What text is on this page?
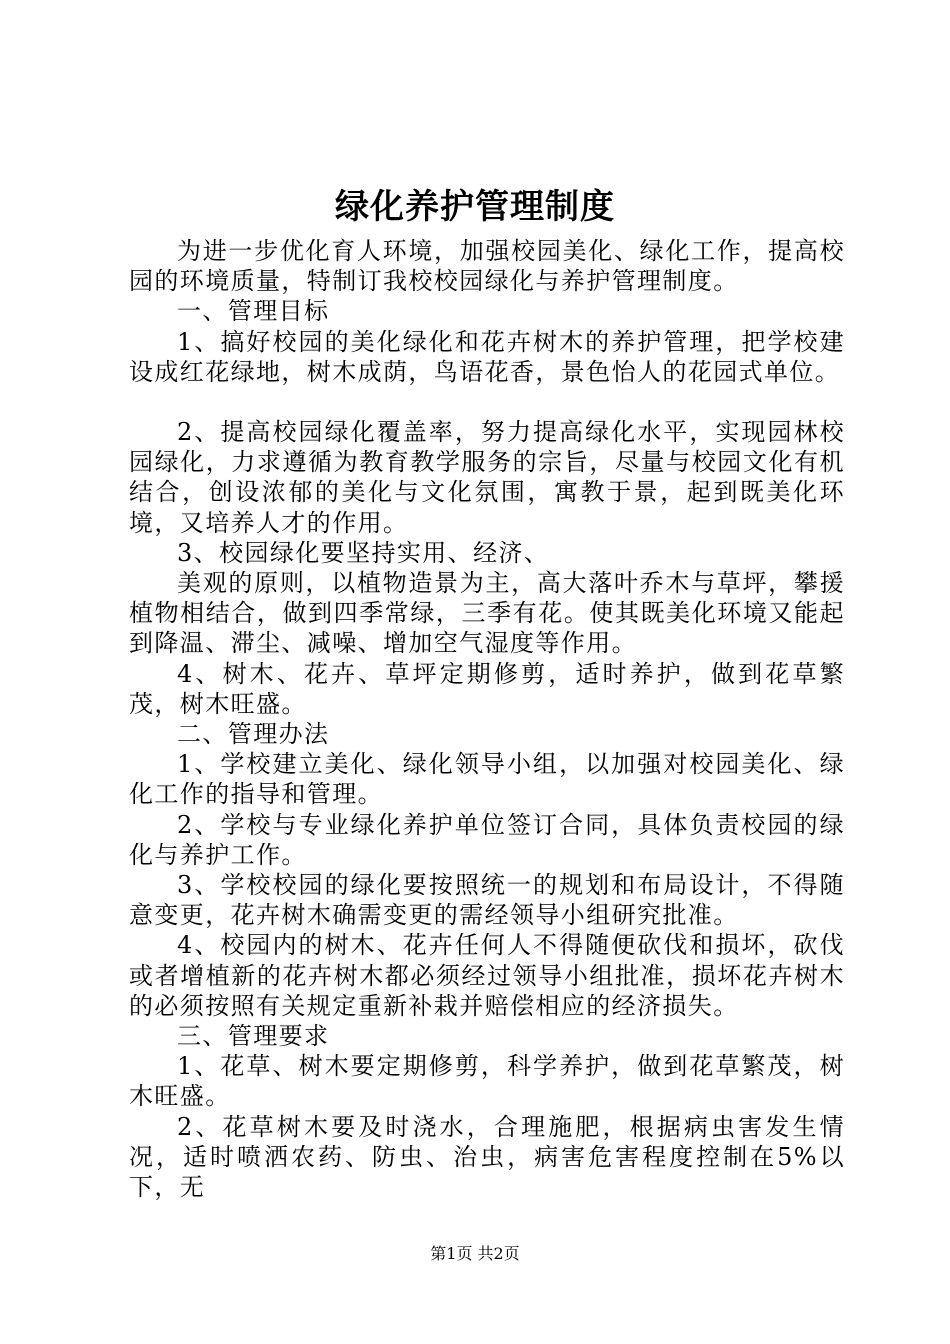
绿化养护管理制度

为进一步优化育人环境，加强校园美化、绿化工作，提高校园的环境质量，特制订我校校园绿化与养护管理制度。

一、管理目标

1、搞好校园的美化绿化和花卉树木的养护管理，把学校建设成红花绿地，树木成荫，鸟语花香，景色怡人的花园式单位。

2、提高校园绿化覆盖率，努力提高绿化水平，实现园林校园绿化，力求遵循为教育教学服务的宗旨，尽量与校园文化有机结合，创设浓郁的美化与文化氛围，寓教于景，起到既美化环境，又培养人才的作用。

3、校园绿化要坚持实用、经济、

美观的原则，以植物造景为主，高大落叶乔木与草坪，攀援植物相结合，做到四季常绿，三季有花。使其既美化环境又能起到降温、滞尘、减噪、增加空气湿度等作用。

4、树木、花卉、草坪定期修剪，适时养护，做到花草繁茂，树木旺盛。

二、管理办法

1、学校建立美化、绿化领导小组，以加强对校园美化、绿化工作的指导和管理。

2、学校与专业绿化养护单位签订合同，具体负责校园的绿化与养护工作。

3、学校校园的绿化要按照统一的规划和布局设计，不得随意变更，花卉树木确需变更的需经领导小组研究批准。

4、校园内的树木、花卉任何人不得随便砍伐和损坏，砍伐或者增植新的花卉树木都必须经过领导小组批准，损坏花卉树木的必须按照有关规定重新补栽并赔偿相应的经济损失。

三、管理要求

1、花草、树木要定期修剪，科学养护，做到花草繁茂，树木旺盛。

2、花草树木要及时浇水，合理施肥，根据病虫害发生情况，适时喷洒农药、防虫、治虫，病害危害程度控制在5%以下，无

第1页 共2页
